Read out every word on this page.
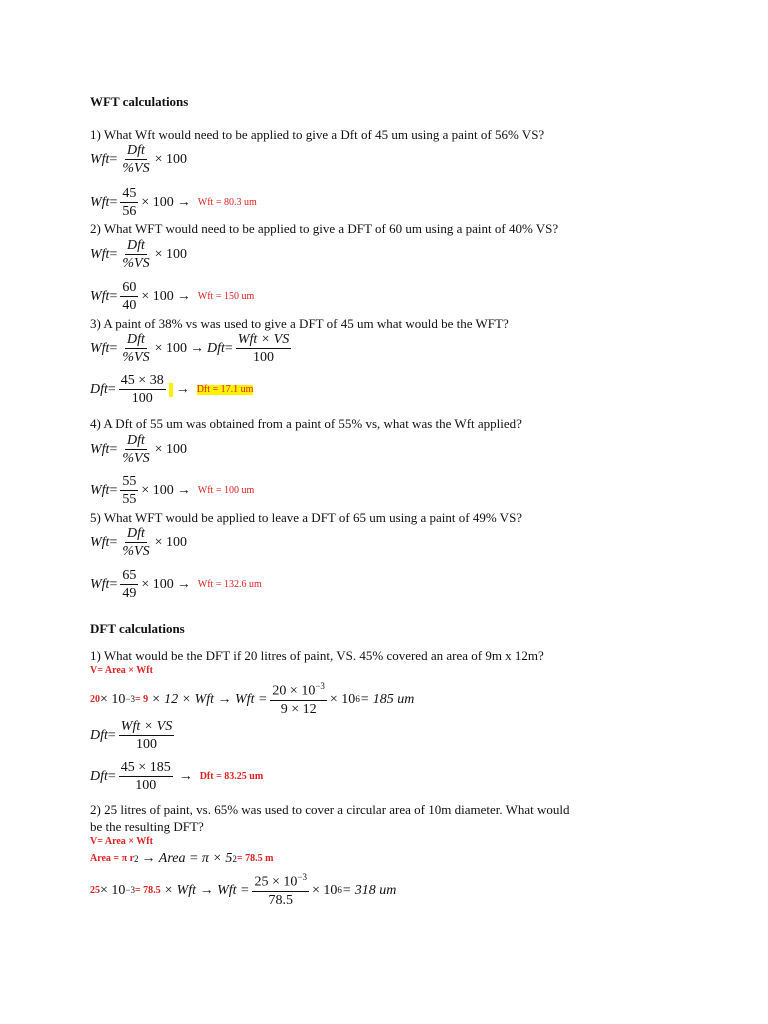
WFT calculations
1) What Wft would need to be applied to give a Dft of 45 um using a paint of 56% VS?
Wft = $\frac{\text{Dft}}{\%VS} \times 100$
Wft = $\frac{45}{56} \times 100$ → Wft = 80.3 um
2) What WFT would need to be applied to give a DFT of 60 um using a paint of 40% VS?
Wft = $\frac{\text{Dft}}{\%VS} \times 100$
Wft = $\frac{60}{40} \times 100$ → Wft = 150 um
3) A paint of 38% vs was used to give a DFT of 45 um what would be the WFT?
Wft = $\frac{\text{Dft}}{\%VS} \times 100$ → Dft = $\frac{\text{Wft × VS}}{100}$
Dft = $\frac{45 \times 38}{100}$ → Dft = 17.1 um
4) A Dft of 55 um was obtained from a paint of 55% vs, what was the Wft applied?
Wft = $\frac{\text{Dft}}{\%VS} \times 100$
Wft = $\frac{55}{55} \times 100$ → Wft = 100 um
5) What WFT would be applied to leave a DFT of 65 um using a paint of 49% VS?
Wft = $\frac{\text{Dft}}{\%VS} \times 100$
Wft = $\frac{65}{49} \times 100$ → Wft = 132.6 um
DFT calculations
1) What would be the DFT if 20 litres of paint, VS. 45% covered an area of 9m x 12m?
V= Area × Wft
20 × 10 −3 = 9 × 12 × Wft → Wft = $\frac{20 \times 10^{-3}}{9 \times 12} \times 10$ 6 = 185 um
Dft = $\frac{\text{Wft × VS}}{100}$
Dft = $\frac{45 \times 185}{100}$ → Dft = 83.25 um
2) 25 litres of paint, vs. 65% was used to cover a circular area of 10m diameter. What would
be the resulting DFT?
V= Area × Wft
Area = π r 2 → Area = π × 5 2 = 78.5 m
25 × 10 −3 = 78.5 × Wft → Wft = $\frac{25 \times 10^{-3}}{78.5} \times 10$ 6 = 318 um
